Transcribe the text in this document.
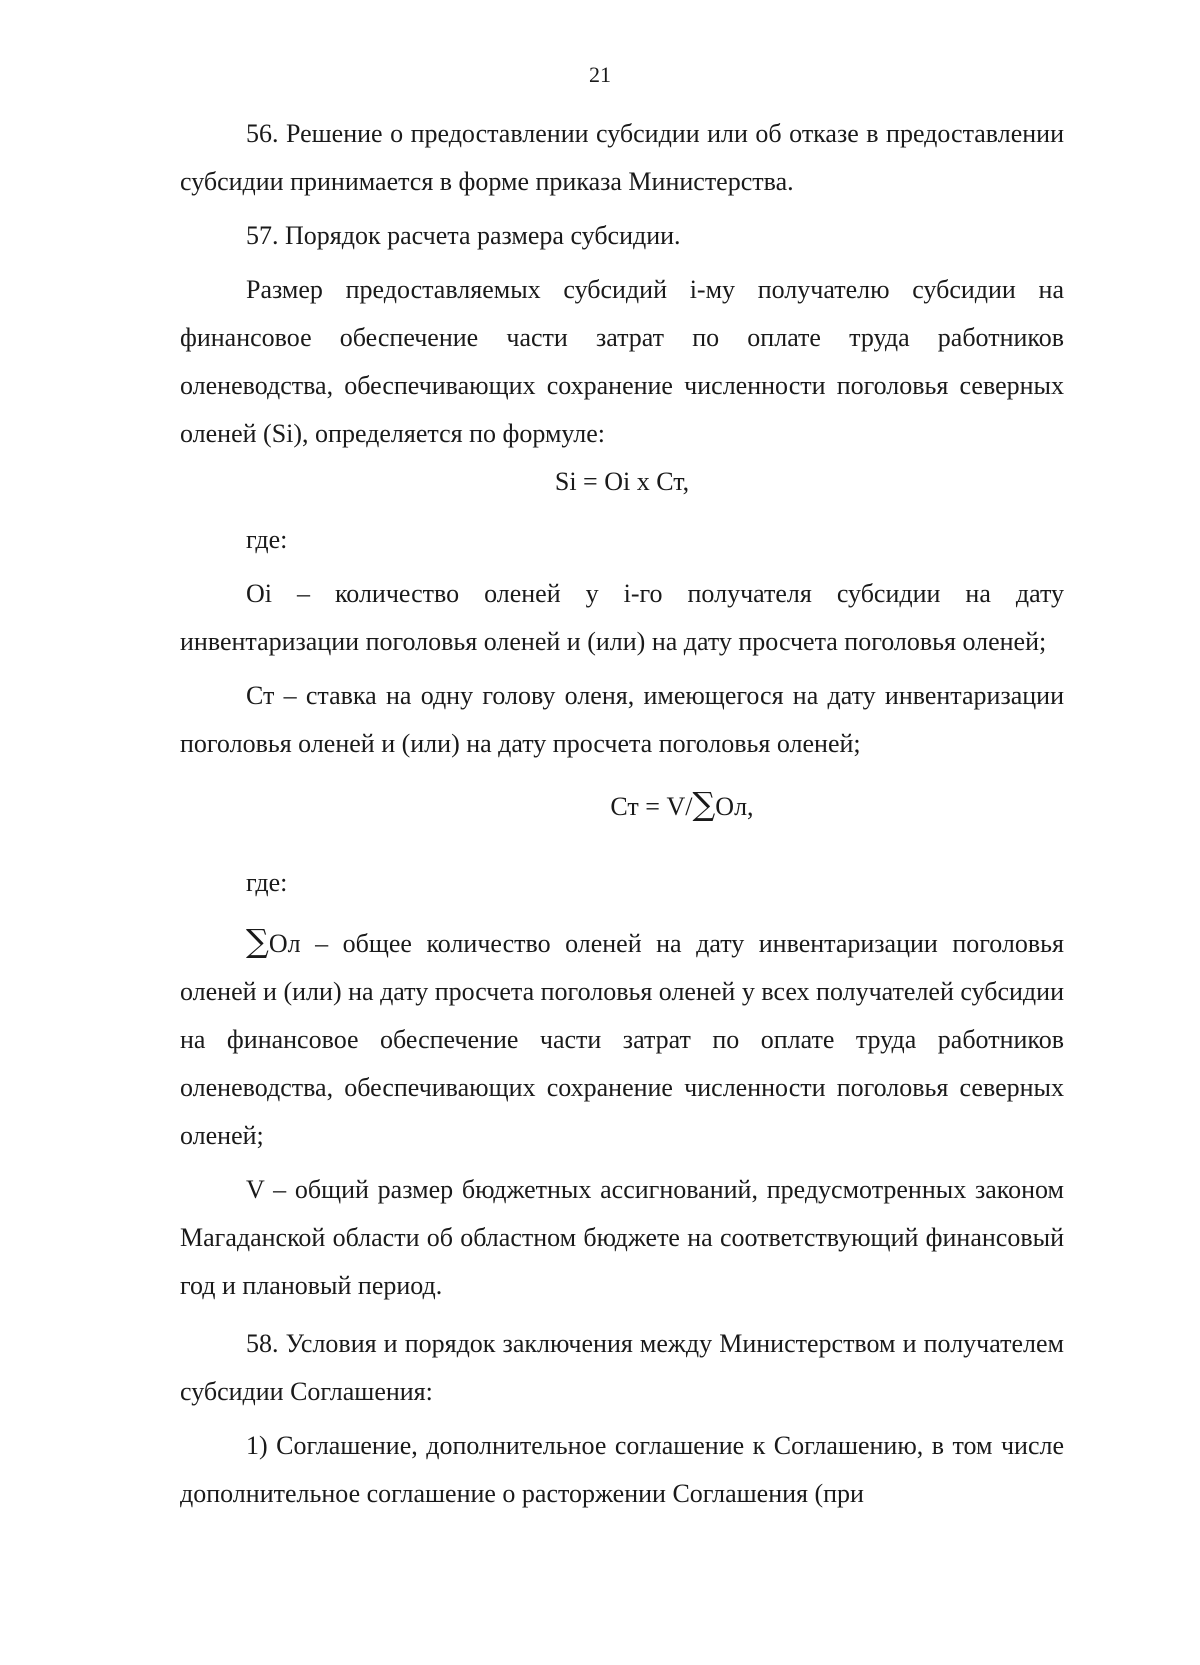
21

56. Решение о предоставлении субсидии или об отказе в предоставлении субсидии принимается в форме приказа Министерства.

57. Порядок расчета размера субсидии.

Размер предоставляемых субсидий i-му получателю субсидии на финансовое обеспечение части затрат по оплате труда работников оленеводства, обеспечивающих сохранение численности поголовья северных оленей (Si), определяется по формуле:

Si = Oi х Ст,

где:

Oi – количество оленей у i-го получателя субсидии на дату инвентаризации поголовья оленей и (или) на дату просчета поголовья оленей;

Ст – ставка на одну голову оленя, имеющегося на дату инвентаризации поголовья оленей и (или) на дату просчета поголовья оленей;

Ст = V/∑Ол,

где:

∑Ол – общее количество оленей на дату инвентаризации поголовья оленей и (или) на дату просчета поголовья оленей у всех получателей субсидии на финансовое обеспечение части затрат по оплате труда работников оленеводства, обеспечивающих сохранение численности поголовья северных оленей;

V – общий размер бюджетных ассигнований, предусмотренных законом Магаданской области об областном бюджете на соответствующий финансовый год и плановый период.

58. Условия и порядок заключения между Министерством и получателем субсидии Соглашения:

1) Соглашение, дополнительное соглашение к Соглашению, в том числе дополнительное соглашение о расторжении Соглашения (при
